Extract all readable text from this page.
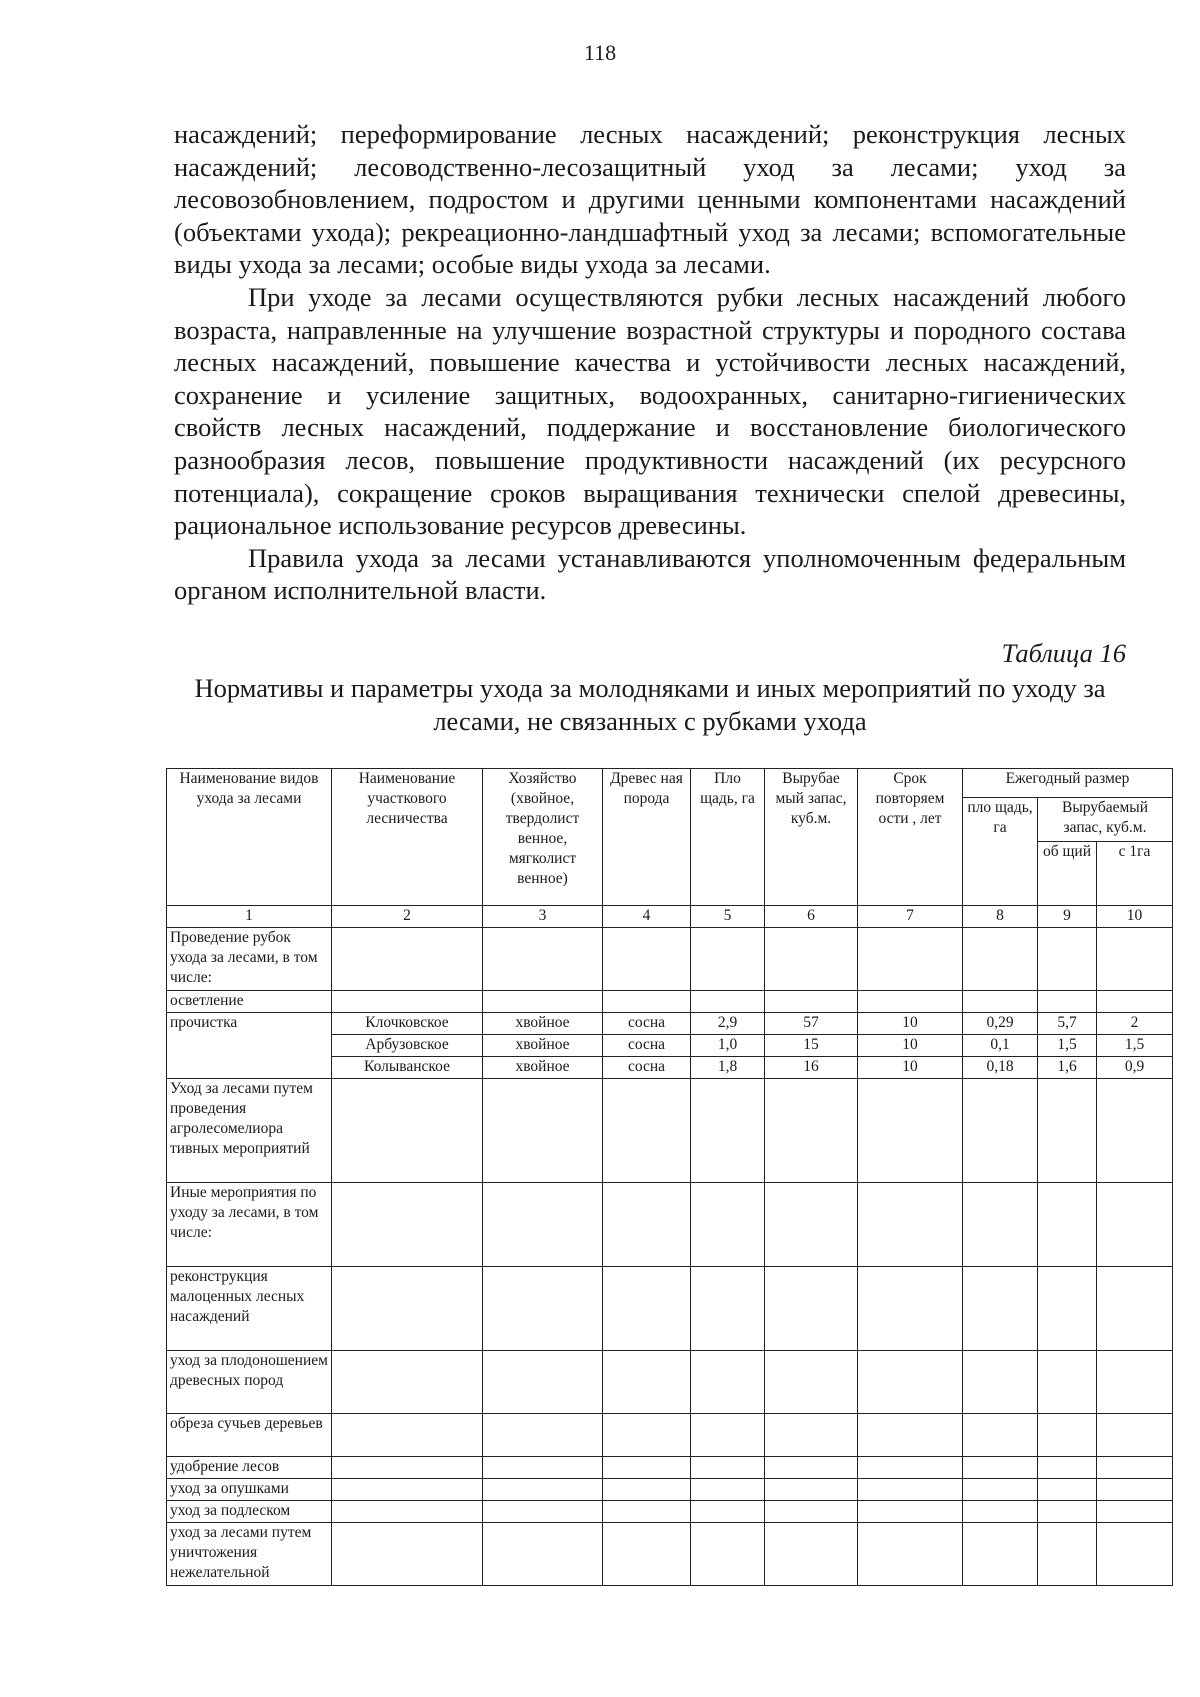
118

насаждений; переформирование лесных насаждений; реконструкция лесных насаждений; лесоводственно-лесозащитный уход за лесами; уход за лесовозобновлением, подростом и другими ценными компонентами насаждений (объектами ухода); рекреационно-ландшафтный уход за лесами; вспомогательные виды ухода за лесами; особые виды ухода за лесами.

При уходе за лесами осуществляются рубки лесных насаждений любого возраста, направленные на улучшение возрастной структуры и породного состава лесных насаждений, повышение качества и устойчивости лесных насаждений, сохранение и усиление защитных, водоохранных, санитарно-гигиенических свойств лесных насаждений, поддержание и восстановление биологического разнообразия лесов, повышение продуктивности насаждений (их ресурсного потенциала), сокращение сроков выращивания технически спелой древесины, рациональное использование ресурсов древесины.

Правила ухода за лесами устанавливаются уполномоченным федеральным органом исполнительной власти.

Таблица 16
Нормативы и параметры ухода за молодняками и иных мероприятий по уходу за лесами, не связанных с рубками ухода
Наименование видов ухода за лесами	Наименование участкового лесничества	Хозяйство (хвойное, твердолист венное, мягколист венное)	Древес ная порода	Пло щадь, га	Вырубае мый запас, куб.м.	Срок повторяем ости , лет	Ежегодный размер		
							пло щадь, га	Вырубаемый запас, куб.м.	
								об щий	с 1га
1	2	3	4	5	6	7	8	9	10
Проведение рубок ухода за лесами, в том числе:									
осветление									
прочистка	Клочковское	хвойное	сосна	2,9	57	10	0,29	5,7	2
	Арбузовское	хвойное	сосна	1,0	15	10	0,1	1,5	1,5
	Колыванское	хвойное	сосна	1,8	16	10	0,18	1,6	0,9
Уход за лесами путем проведения агролесомелиора тивных мероприятий									
Иные мероприятия по уходу за лесами, в том числе:									
реконструкция малоценных лесных насаждений									
уход за плодоношением древесных пород									
обреза сучьев деревьев									
удобрение лесов									
уход за опушками									
уход за подлеском									
уход за лесами путем уничтожения нежелательной									
